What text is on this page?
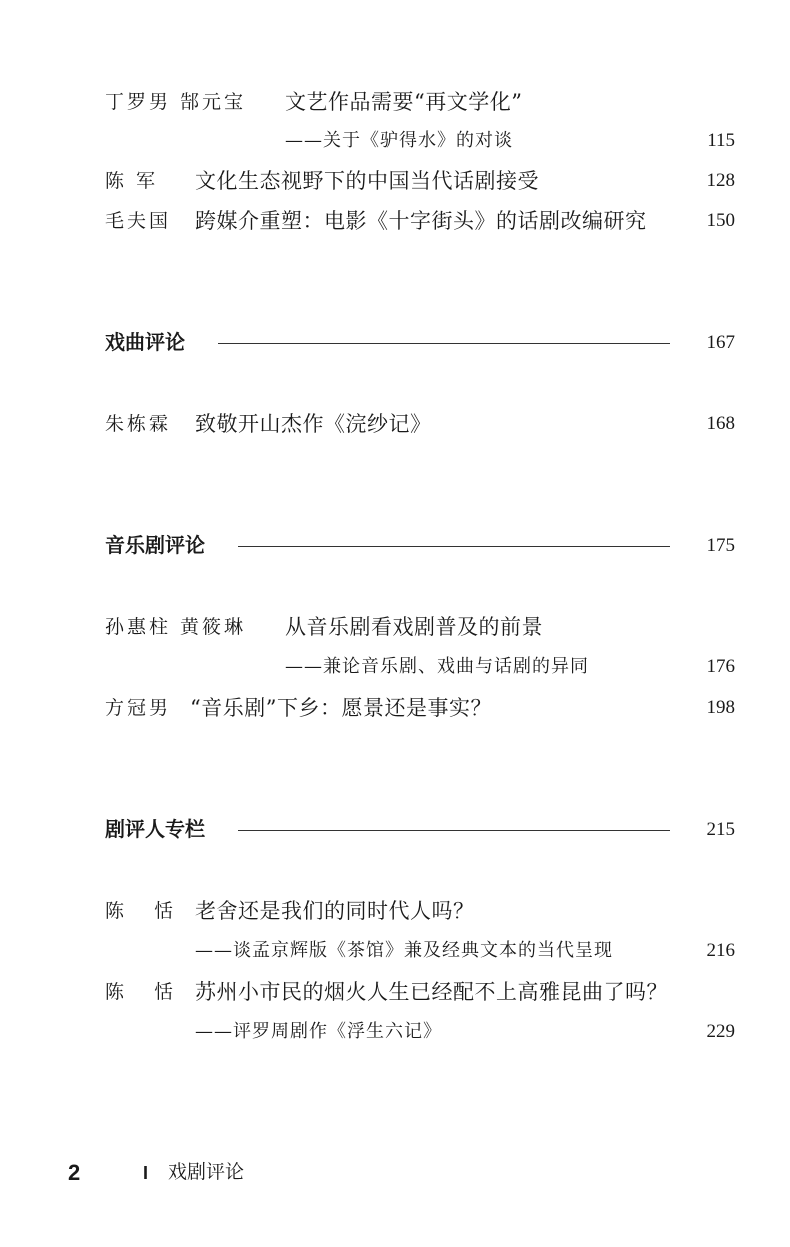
丁罗男 郜元宝 文艺作品需要“再文学化”
——关于《驴得水》的对谈	115
陈 军 文化生态视野下的中国当代话剧接受	128
毛夫国 跨媒介重塑：电影《十字街头》的话剧改编研究	150
戏曲评论	167
朱栋霖 致敬开山杰作《浣纱记》	168
音乐剧评论	175
孙惠柱 黄筱琳 从音乐剧看戏剧普及的前景
——兼论音乐剧、戏曲与话剧的异同	176
方冠男 “音乐剧”下乡：愿景还是事实？	198
剧评人专栏	215
陈 恬 老舍还是我们的同时代人吗？
——谈孟京辉版《茶馆》兼及经典文本的当代呈现	216
陈 恬 苏州小市民的烟火人生已经配不上高雅昆曲了吗？
——评罗周剧作《浮生六记》	229
2	I 戏剧评论
